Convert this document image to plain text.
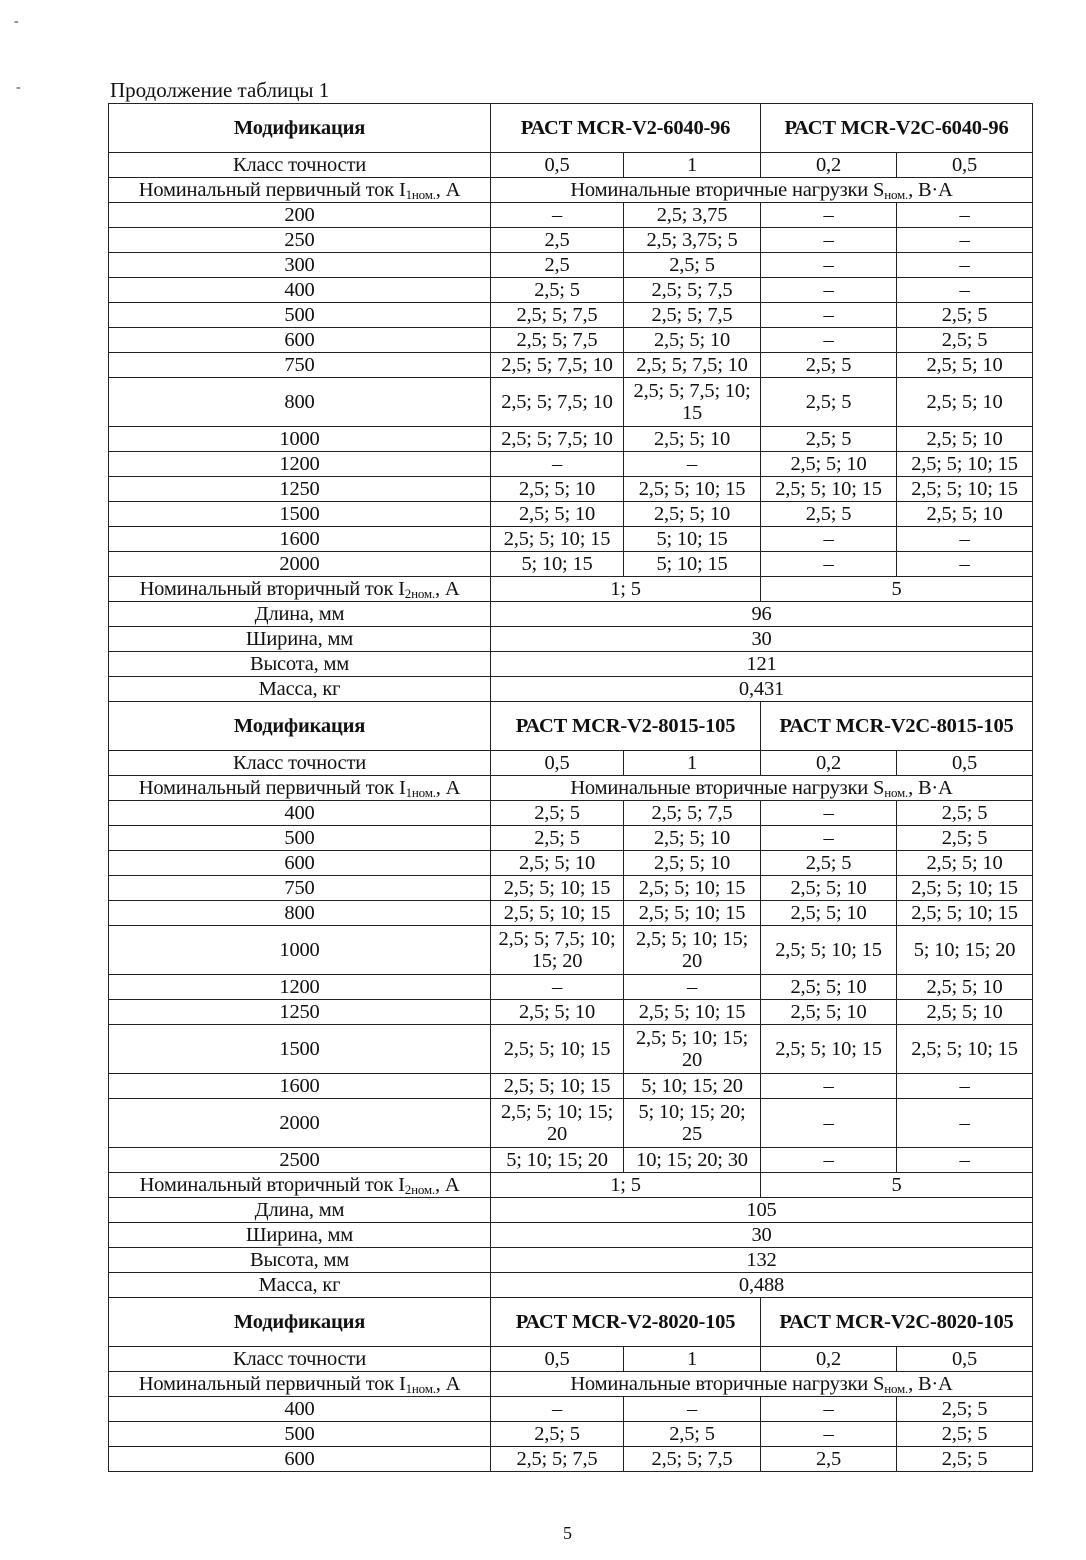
-
-	Продолжение таблицы 1
Модификация	РАСТ MCR-V2-6040-96		РАСТ MCR-V2C-6040-96	
Класс точности	0,5	1	0,2	0,5
Номинальный первичный ток $I_{1ном.}$, А	Номинальные вторичные нагрузки $S_{ном.}$, В·А			
200	–	2,5; 3,75	–	–
250	2,5	2,5; 3,75; 5	–	–
300	2,5	2,5; 5	–	–
400	2,5; 5	2,5; 5; 7,5	–	–
500	2,5; 5; 7,5	2,5; 5; 7,5	–	2,5; 5
600	2,5; 5; 7,5	2,5; 5; 10	–	2,5; 5
750	2,5; 5; 7,5; 10	2,5; 5; 7,5; 10	2,5; 5	2,5; 5; 10
800	2,5; 5; 7,5; 10	2,5; 5; 7,5; 10; 15	2,5; 5	2,5; 5; 10
1000	2,5; 5; 7,5; 10	2,5; 5; 10	2,5; 5	2,5; 5; 10
1200	–	–	2,5; 5; 10	2,5; 5; 10; 15
1250	2,5; 5; 10	2,5; 5; 10; 15	2,5; 5; 10; 15	2,5; 5; 10; 15
1500	2,5; 5; 10	2,5; 5; 10	2,5; 5	2,5; 5; 10
1600	2,5; 5; 10; 15	5; 10; 15	–	–
2000	5; 10; 15	5; 10; 15	–	–
Номинальный вторичный ток $I_{2ном.}$, А	1; 5		5	
Длина, мм	96			
Ширина, мм	30			
Высота, мм	121			
Масса, кг	0,431			
Модификация	РАСТ MCR-V2-8015-105		РАСТ MCR-V2C-8015-105	
Класс точности	0,5	1	0,2	0,5
Номинальный первичный ток $I_{1ном.}$, А	Номинальные вторичные нагрузки $S_{ном.}$, В·А			
400	2,5; 5	2,5; 5; 7,5	–	2,5; 5
500	2,5; 5	2,5; 5; 10	–	2,5; 5
600	2,5; 5; 10	2,5; 5; 10	2,5; 5	2,5; 5; 10
750	2,5; 5; 10; 15	2,5; 5; 10; 15	2,5; 5; 10	2,5; 5; 10; 15
800	2,5; 5; 10; 15	2,5; 5; 10; 15	2,5; 5; 10	2,5; 5; 10; 15
1000	2,5; 5; 7,5; 10; 15; 20	2,5; 5; 10; 15; 20	2,5; 5; 10; 15	5; 10; 15; 20
1200	–	–	2,5; 5; 10	2,5; 5; 10
1250	2,5; 5; 10	2,5; 5; 10; 15	2,5; 5; 10	2,5; 5; 10
1500	2,5; 5; 10; 15	2,5; 5; 10; 15; 20	2,5; 5; 10; 15	2,5; 5; 10; 15
1600	2,5; 5; 10; 15	5; 10; 15; 20	–	–
2000	2,5; 5; 10; 15; 20	5; 10; 15; 20; 25	–	–
2500	5; 10; 15; 20	10; 15; 20; 30	–	–
Номинальный вторичный ток $I_{2ном.}$, А	1; 5		5	
Длина, мм	105			
Ширина, мм	30			
Высота, мм	132			
Масса, кг	0,488			
Модификация	РАСТ MCR-V2-8020-105		РАСТ MCR-V2C-8020-105	
Класс точности	0,5	1	0,2	0,5
Номинальный первичный ток $I_{1ном.}$, А	Номинальные вторичные нагрузки $S_{ном.}$, В·А			
400	–	–	–	2,5; 5
500	2,5; 5	2,5; 5	–	2,5; 5
600	2,5; 5; 7,5	2,5; 5; 7,5	2,5	2,5; 5
5
